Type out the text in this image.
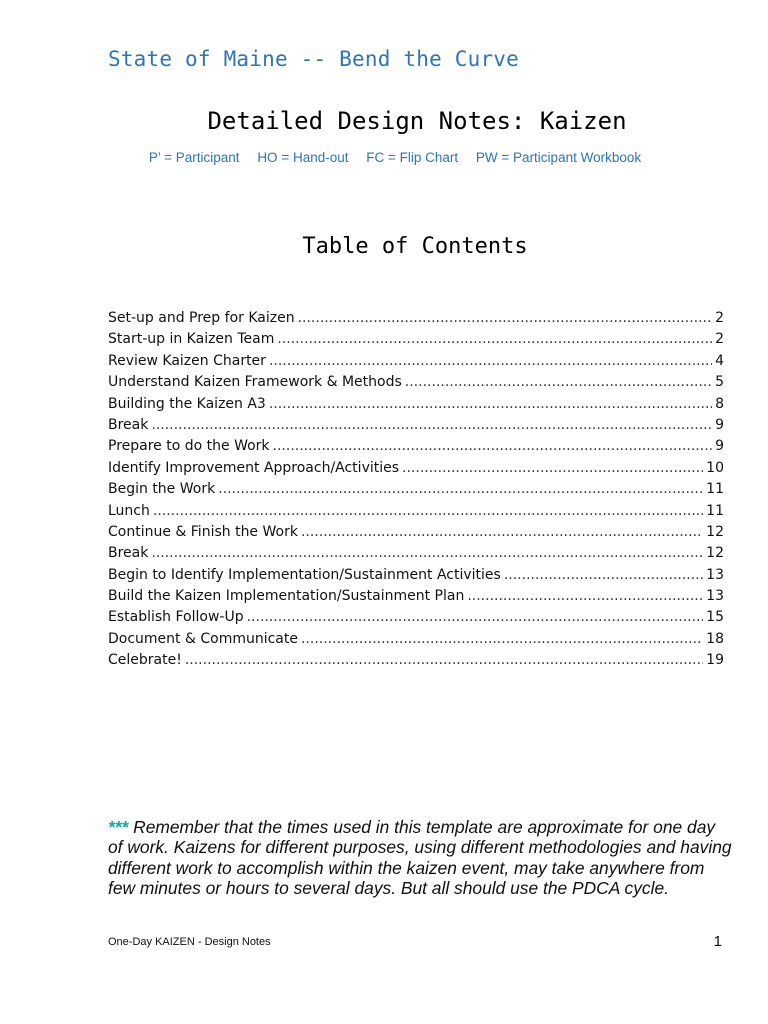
State of Maine -- Bend the Curve
Detailed Design Notes: Kaizen
P’ = Participant HO = Hand-out FC = Flip Chart PW = Participant Workbook
Table of Contents
Set-up and Prep for Kaizen .....	2
Start-up in Kaizen Team .....	2
Review Kaizen Charter .....	4
Understand Kaizen Framework & Methods .....	5
Building the Kaizen A3 .....	8
Break .....	9
Prepare to do the Work .....	9
Identify Improvement Approach/Activities .....	10
Begin the Work .....	11
Lunch .....	11
Continue & Finish the Work .....	12
Break .....	12
Begin to Identify Implementation/Sustainment Activities .....	13
Build the Kaizen Implementation/Sustainment Plan .....	13
Establish Follow-Up .....	15
Document & Communicate .....	18
Celebrate! .....	19
*** Remember that the times used in this template are approximate for one day of work. Kaizens for different purposes, using different methodologies and having different work to accomplish within the kaizen event, may take anywhere from few minutes or hours to several days. But all should use the PDCA cycle.
One-Day KAIZEN - Design Notes	1
